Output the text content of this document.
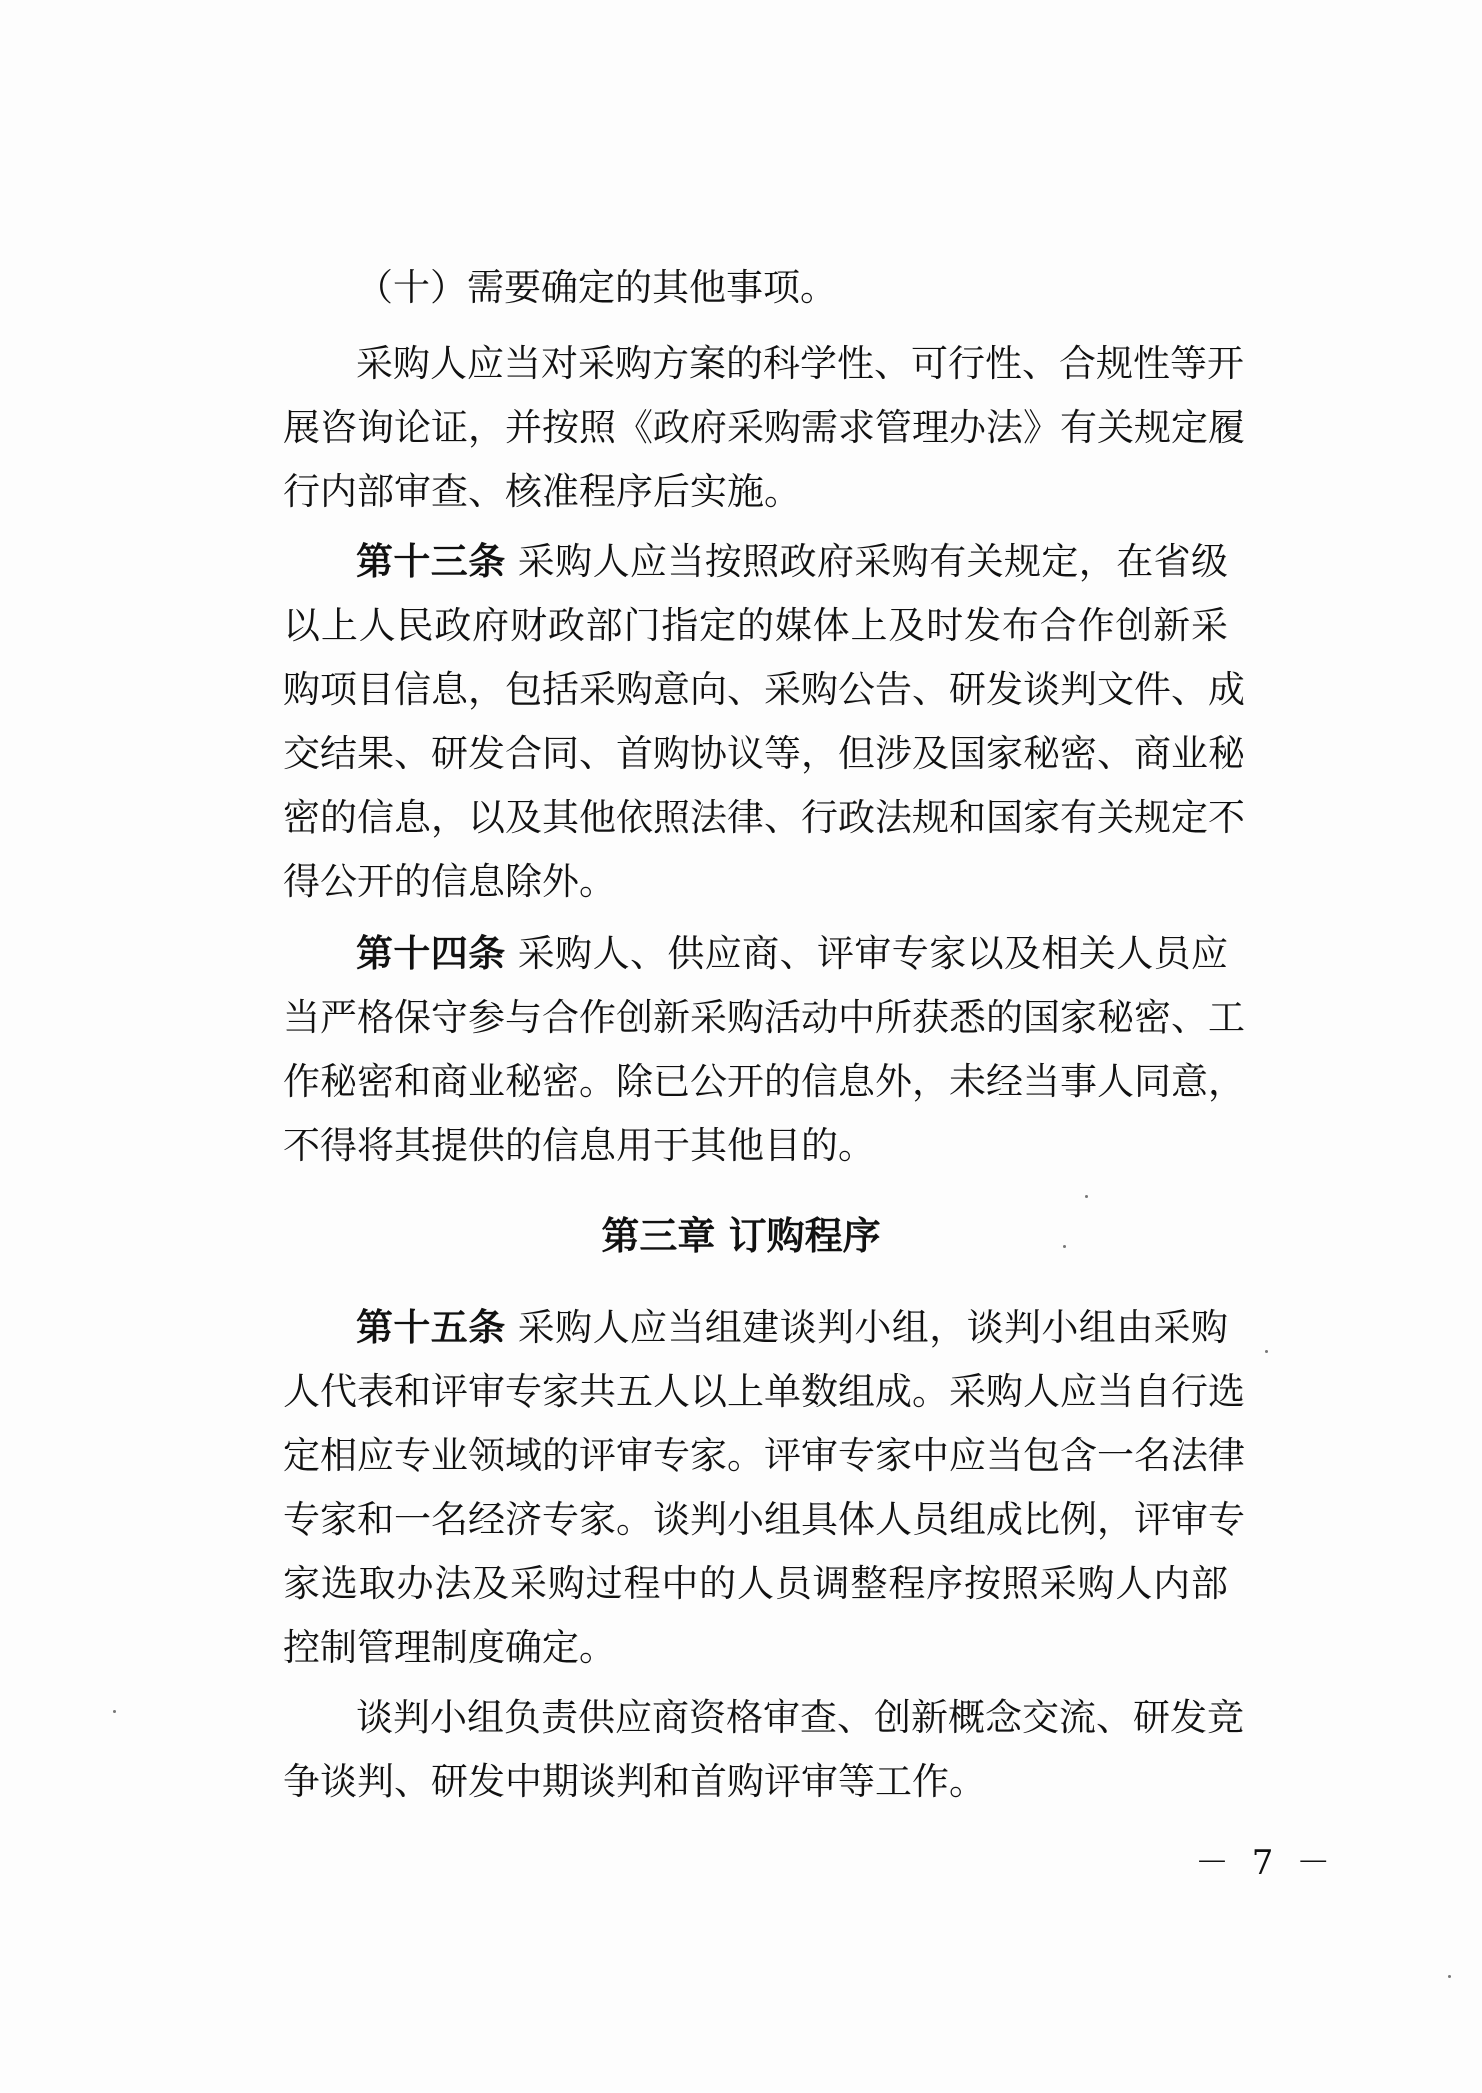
（十）需要确定的其他事项。
采购人应当对采购方案的科学性、可行性、合规性等开
展咨询论证，并按照《政府采购需求管理办法》有关规定履
行内部审查、核准程序后实施。
第十三条 采购人应当按照政府采购有关规定，在省级
以上人民政府财政部门指定的媒体上及时发布合作创新采
购项目信息，包括采购意向、采购公告、研发谈判文件、成
交结果、研发合同、首购协议等，但涉及国家秘密、商业秘
密的信息，以及其他依照法律、行政法规和国家有关规定不
得公开的信息除外。
第十四条 采购人、供应商、评审专家以及相关人员应
当严格保守参与合作创新采购活动中所获悉的国家秘密、工
作秘密和商业秘密。除已公开的信息外，未经当事人同意，
不得将其提供的信息用于其他目的。
第三章 订购程序
第十五条 采购人应当组建谈判小组，谈判小组由采购
人代表和评审专家共五人以上单数组成。采购人应当自行选
定相应专业领域的评审专家。评审专家中应当包含一名法律
专家和一名经济专家。谈判小组具体人员组成比例，评审专
家选取办法及采购过程中的人员调整程序按照采购人内部
控制管理制度确定。
谈判小组负责供应商资格审查、创新概念交流、研发竞
争谈判、研发中期谈判和首购评审等工作。
－ 7 －
